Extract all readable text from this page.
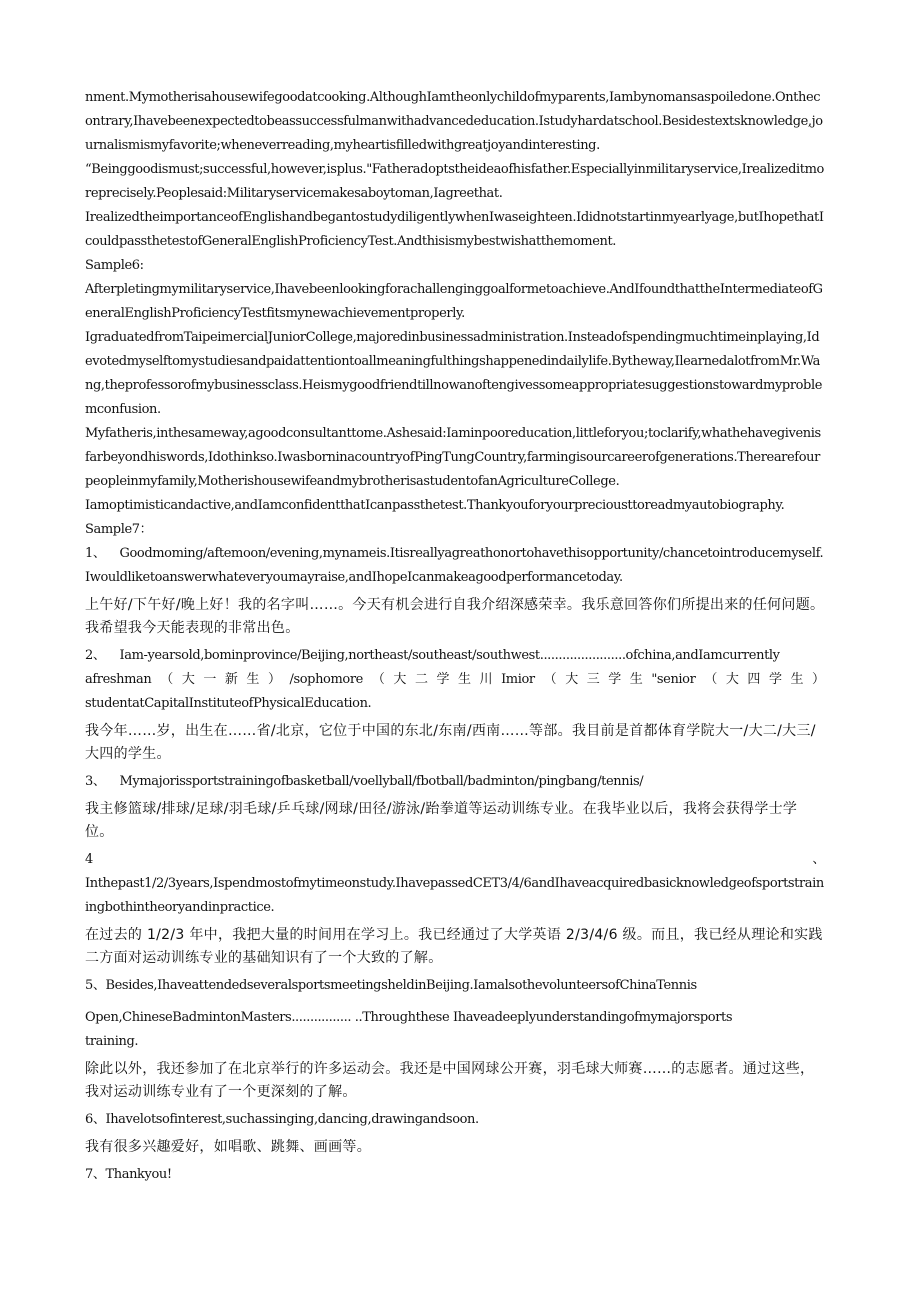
nment.Mymotherisahousewifegoodatcooking.AlthoughIamtheonlychildofmyparents,Iambynomansaspoiledone.Onthecontrary,Ihavebeenexpectedtobeassuccessfulmanwithadvancededucation.Istudyhardatschool.Besidestextsknowledge,journalismismyfavorite;wheneverreading,myheartisfilledwithgreatjoyandinteresting.

“Beinggoodismust;successful,however,isplus."Fatheradoptstheideaofhisfather.Especiallyinmilitaryservice,Irealizeditmoreprecisely.Peoplesaid:Militaryservicemakesaboytoman,Iagreethat.

IrealizedtheimportanceofEnglishandbegantostudydiligentlywhenIwaseighteen.Ididnotstartinmyearlyage,butIhopethatIcouldpassthetestofGeneralEnglishProficiencyTest.Andthisismybestwishatthemoment.

Sample6:

Afterpletingmymilitaryservice,Ihavebeenlookingforachallenginggoalformetoachieve.AndIfoundthattheIntermediateofGeneralEnglishProficiencyTestfitsmynewachievementproperly.

IgraduatedfromTaipeimercialJuniorCollege,majoredinbusinessadministration.Insteadofspendingmuchtimeinplaying,Idevotedmyselftomystudiesandpaidattentiontoallmeaningfulthingshappenedindailylife.Bytheway,IlearnedalotfromMr.Wang,theprofessorofmybusinessclass.Heismygoodfriendtillnowanoftengivessomeappropriatesuggestionstowardmyproblemconfusion.

Myfatheris,inthesameway,agoodconsultanttome.Ashesaid:Iaminpooreducation,littleforyou;toclarify,whathehavegivenisfarbeyondhiswords,Idothinkso.IwasborninacountryofPingTungCountry,farmingisourcareerofgenerations.Therearefourpeopleinmyfamily,MotherishousewifeandmybrotherisastudentofanAgricultureCollege.

Iamoptimisticandactive,andIamconfidentthatIcanpassthetest.Thankyouforyourpreciousttoreadmyautobiography.

Sample7：

1、 Goodmoming/aftemoon/evening,mynameis.Itisreallyagreathonortohavethisopportunity/chancetointroducemyself.Iwouldliketoanswerwhateveryoumayraise,andIhopeIcanmakeagoodperformancetoday.

上午好/下午好/晚上好！我的名字叫……。今天有机会进行自我介绍深感荣幸。我乐意回答你们所提出来的任何问题。我希望我今天能表现的非常出色。

2、 Iam-yearsold,bominprovince/Beijing,northeast/southeast/southwest.......................ofchina,andIamcurrently

afreshman （ 大 一 新 生 ） ∕sophomore （ 大 二 学 生 川 Imior （ 大 三 学 生 "senior （ 大 四 学 生 ）

studentatCapitalInstituteofPhysicalEducation.

我今年……岁，出生在……省/北京，它位于中国的东北/东南/西南……等部。我目前是首都体育学院大一/大二/大三/大四的学生。

3、 Mymajorissportstrainingofbasketball∕voellyball∕fbotball∕badminton∕pingbang∕tennis∕

我主修篮球/排球/足球/羽毛球/乒乓球/网球/田径/游泳/跆拳道等运动训练专业。在我毕业以后，我将会获得学士学位。

4	、

Inthepast1/2/3years,Ispendmostofmytimeonstudy.IhavepassedCET3∕4∕6andIhaveacquiredbasicknowledgeofsportstrainingbothintheoryandinpractice.

在过去的 1/2/3 年中，我把大量的时间用在学习上。我已经通过了大学英语 2/3/4/6 级。而且，我已经从理论和实践二方面对运动训练专业的基础知识有了一个大致的了解。

5、Besides,IhaveattendedseveralsportsmeetingsheldinBeijing.IamalsothevolunteersofChinaTennis

Open,ChineseBadmintonMasters................ ..Throughthese Ihaveadeeplyunderstandingofmymajorsports

training.

除此以外，我还参加了在北京举行的许多运动会。我还是中国网球公开赛，羽毛球大师赛……的志愿者。通过这些，我对运动训练专业有了一个更深刻的了解。

6、Ihavelotsofinterest,suchassinging,dancing,drawingandsoon.

我有很多兴趣爱好，如唱歌、跳舞、画画等。

7、Thankyou!
